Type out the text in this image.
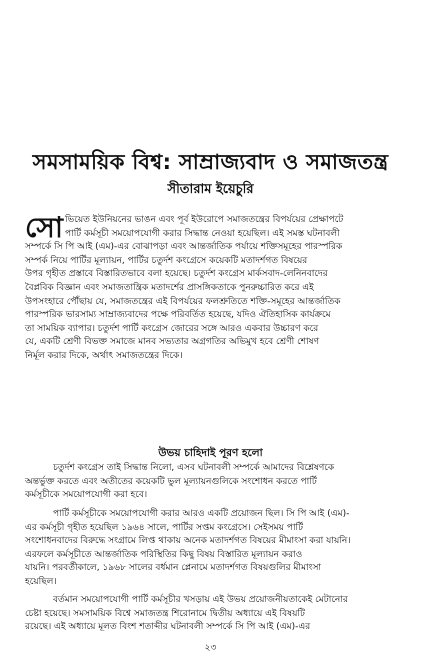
সমসাময়িক বিশ্ব: সাম্রাজ্যবাদ ও সমাজতন্ত্র
সীতারাম ইয়েচুরি
সোভিয়েত ইউনিয়নের ভাঙন এবং পূর্ব ইউরোপে সমাজতন্ত্রের বিপর্যয়ের প্রেক্ষাপটে
পার্টি কর্মসূচী সময়োপযোগী করার সিদ্ধান্ত নেওয়া হয়েছিল। এই সমস্ত ঘটনাবলী
সম্পর্কে সি পি আই (এম)-এর বোঝাপড়া এবং আন্তর্জাতিক পর্যায়ে শক্তিসমূহের পারস্পরিক
সম্পর্ক নিয়ে পার্টির মূল্যায়ন, পার্টির চতুর্দশ কংগ্রেসে কয়েকটি মতাদর্শগত বিষয়ের
উপর গৃহীত প্রস্তাবে বিস্তারিতভাবে বলা হয়েছে। চতুর্দশ কংগ্রেস মার্কসবাদ-লেনিনবাদের
বৈপ্লবিক বিজ্ঞান এবং সমাজতান্ত্রিক মতাদর্শের প্রাসঙ্গিকতাকে পুনরুচ্চারিত করে এই
উপসংহারে পৌঁছায় যে, সমাজতন্ত্রের এই বিপর্যয়ের ফলশ্রুতিতে শক্তি-সমূহের আন্তর্জাতিক
পারস্পরিক ভারসাম্য সাম্রাজ্যবাদের পক্ষে পরিবর্তিত হয়েছে, যদিও ঐতিহাসিক কার্যক্রমে
তা সাময়িক ব্যাপার। চতুর্দশ পার্টি কংগ্রেস জোরের সঙ্গে আরও একবার উচ্চারণ করে
যে, একটি শ্রেণী বিভক্ত সমাজে মানব সভ্যতার অগ্রগতির অভিমুখ হবে শ্রেণী শোষণ
নির্মূল করার দিকে, অর্থাৎ সমাজতন্ত্রের দিকে।
উভয় চাহিদাই পূরণ হলো
চতুর্দশ কংগ্রেস তাই সিদ্ধান্ত নিলো, এসব ঘটনাবলী সম্পর্কে আমাদের বিশ্লেষণকে
অন্তর্ভুক্ত করতে এবং অতীতের কয়েকটি ভুল মূল্যায়নগুলিকে সংশোধন করতে পার্টি
কর্মসূচীকে সময়োপযোগী করা হবে।
পার্টি কর্মসূচীকে সময়োপযোগী করার আরও একটি প্রয়োজন ছিল। সি পি আই (এম)-
এর কর্মসূচী গৃহীত হয়েছিল ১৯৬৪ সালে, পার্টির সপ্তম কংগ্রেসে। সেইসময় পার্টি
সংশোধনবাদের বিরুদ্ধে সংগ্রামে লিপ্ত থাকায় অনেক মতাদর্শগত বিষয়ের মীমাংসা করা যায়নি।
এরফলে কর্মসূচীতে আন্তর্জাতিক পরিস্থিতির কিছু বিষয় বিস্তারিত মূল্যায়ন করাও
যায়নি। পরবর্তীকালে, ১৯৬৮ সালের বর্ধমান প্লেনামে মতাদর্শগত বিষয়গুলির মীমাংসা
হয়েছিল।
বর্তমান সময়োপযোগী পার্টি কর্মসূচীর খসড়ায় এই উভয় প্রয়োজনীয়তাকেই মেটানোর
চেষ্টা হয়েছে। সমসাময়িক বিশ্বে সমাজতন্ত্র শিরোনামে দ্বিতীয় অধ্যায়ে এই বিষয়টি
রয়েছে। এই অধ্যায়ে মূলত বিংশ শতাব্দীর ঘটনাবলী সম্পর্কে সি পি আই (এম)-এর
২৩
